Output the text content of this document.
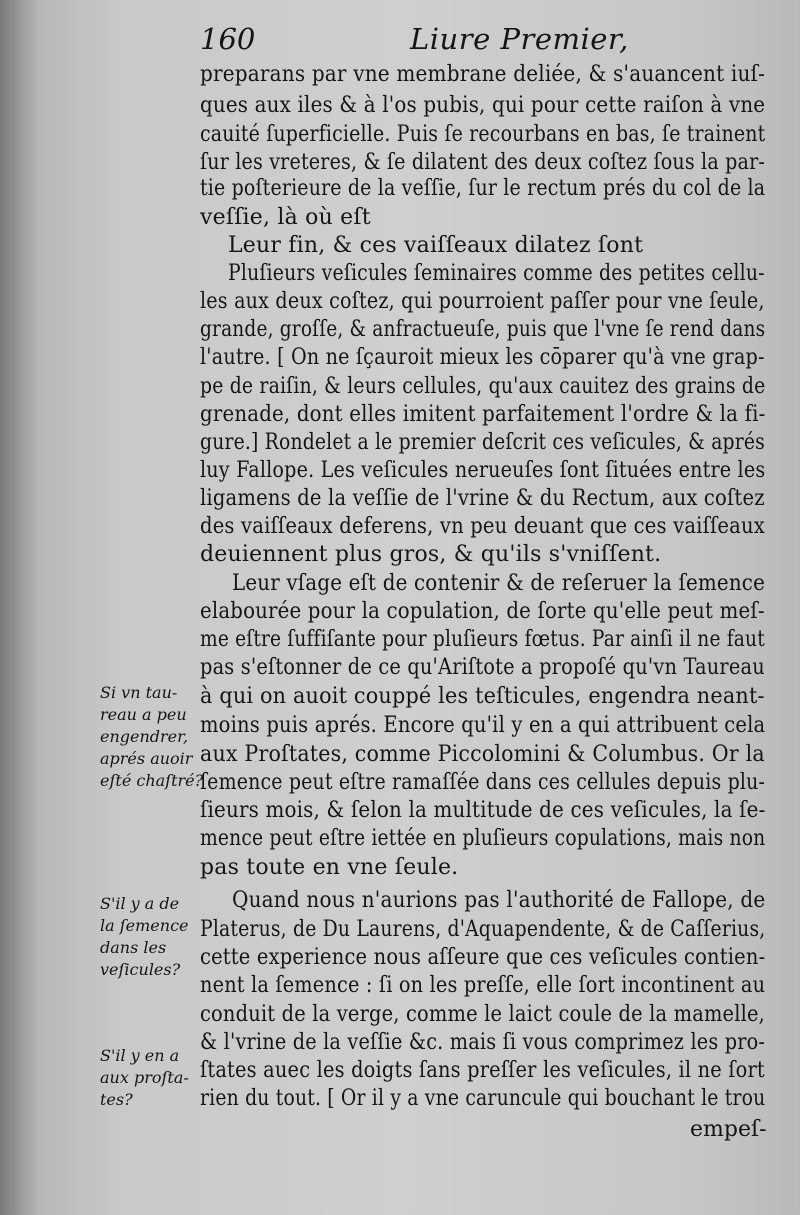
160	Liure Premier,
preparans par vne membrane deliée, & s'auancent iuſ-
ques aux iles & à l'os pubis, qui pour cette raiſon à vne
cauité ſuperficielle. Puis ſe recourbans en bas, ſe trainent
ſur les vreteres, & ſe dilatent des deux coſtez ſous la par-
tie poſterieure de la veſſie, ſur le rectum prés du col de la
veſſie, là où eſt
Leur fin, & ces vaiſſeaux dilatez ſont
Pluſieurs veſicules ſeminaires comme des petites cellu-
les aux deux coſtez, qui pourroient paſſer pour vne ſeule,
grande, groſſe, & anfractueuſe, puis que l'vne ſe rend dans
l'autre. [ On ne ſçauroit mieux les cōparer qu'à vne grap-
pe de raiſin, & leurs cellules, qu'aux cauitez des grains de
grenade, dont elles imitent parfaitement l'ordre & la fi-
gure.] Rondelet a le premier deſcrit ces veſicules, & aprés
luy Fallope. Les veſicules nerueuſes ſont ſituées entre les
ligamens de la veſſie de l'vrine & du Rectum, aux coſtez
des vaiſſeaux deferens, vn peu deuant que ces vaiſſeaux
deuiennent plus gros, & qu'ils s'vniſſent.
Leur vſage eſt de contenir & de reſeruer la ſemence
elabourée pour la copulation, de ſorte qu'elle peut meſ-
me eſtre ſuffiſante pour pluſieurs fœtus. Par ainſi il ne faut
pas s'eſtonner de ce qu'Ariſtote a propoſé qu'vn Taureau
à qui on auoit couppé les teſticules, engendra neant-
moins puis aprés. Encore qu'il y en a qui attribuent cela
aux Proſtates, comme Piccolomini & Columbus. Or la
ſemence peut eſtre ramaſſée dans ces cellules depuis plu-
ſieurs mois, & ſelon la multitude de ces veſicules, la ſe-
mence peut eſtre iettée en pluſieurs copulations, mais non
pas toute en vne ſeule.
Quand nous n'aurions pas l'authorité de Fallope, de
Platerus, de Du Laurens, d'Aquapendente, & de Caſſerius,
cette experience nous aſſeure que ces veſicules contien-
nent la ſemence : ſi on les preſſe, elle ſort incontinent au
conduit de la verge, comme le laict coule de la mamelle,
& l'vrine de la veſſie &c. mais ſi vous comprimez les pro-
ſtates auec les doigts ſans preſſer les veſicules, il ne ſort
rien du tout. [ Or il y a vne caruncule qui bouchant le trou
empeſ-
Si vn tau-
reau a peu
engendrer,
aprés auoir
eſté chaſtré?
S'il y a de
la ſemence
dans les
veſicules?
S'il y en a
aux proſta-
tes?
